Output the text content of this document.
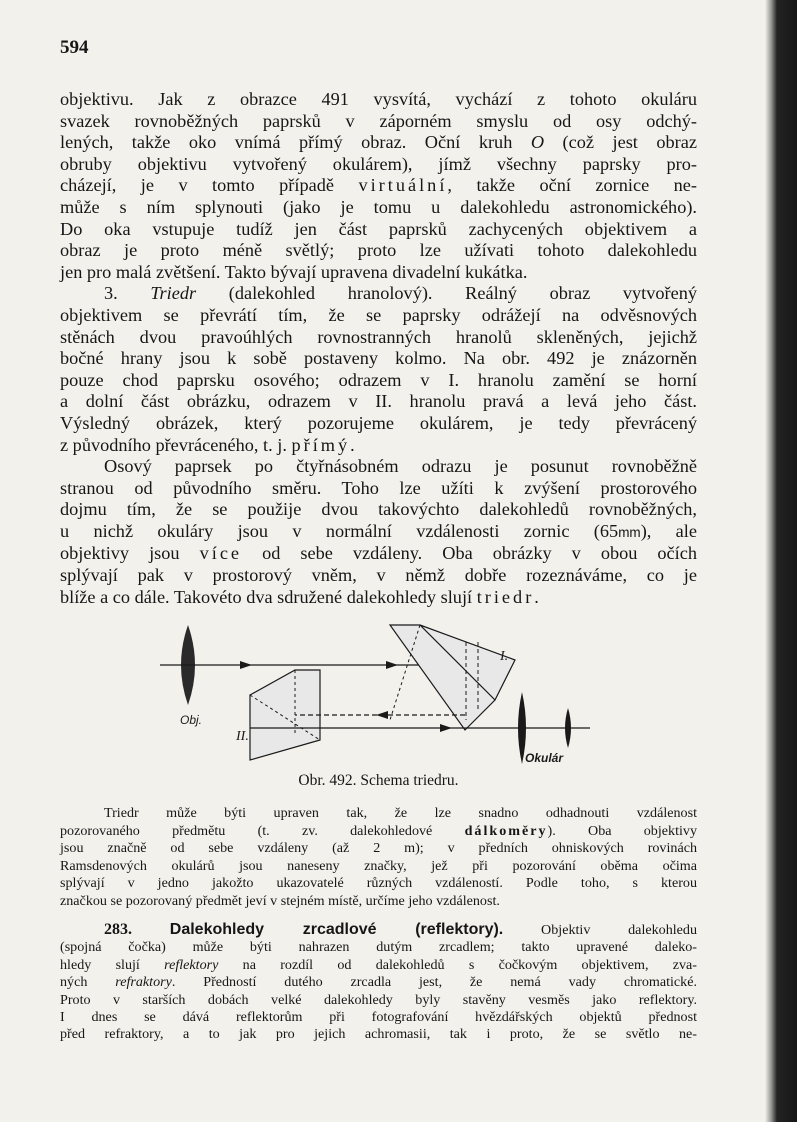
594

objektivu. Jak z obrazce 491 vysvítá, vychází z tohoto okuláru

svazek rovnoběžných paprsků v záporném smyslu od osy odchý-

lených, takže oko vnímá přímý obraz. Oční kruh O (což jest obraz

obruby objektivu vytvořený okulárem), jímž všechny paprsky pro-

cházejí, je v tomto případě virtuální, takže oční zornice ne-

může s ním splynouti (jako je tomu u dalekohledu astronomického).

Do oka vstupuje tudíž jen část paprsků zachycených objektivem a

obraz je proto méně světlý; proto lze užívati tohoto dalekohledu

jen pro malá zvětšení. Takto bývají upravena divadelní kukátka.

3. Triedr (dalekohled hranolový). Reálný obraz vytvořený

objektivem se převrátí tím, že se paprsky odrážejí na odvěsnových

stěnách dvou pravoúhlých rovnostranných hranolů skleněných, jejichž

bočné hrany jsou k sobě postaveny kolmo. Na obr. 492 je znázorněn

pouze chod paprsku osového; odrazem v I. hranolu zamění se horní

a dolní část obrázku, odrazem v II. hranolu pravá a levá jeho část.

Výsledný obrázek, který pozorujeme okulárem, je tedy převrácený

z původního převráceného, t. j. přímý.

Osový paprsek po čtyřnásobném odrazu je posunut rovnoběžně

stranou od původního směru. Toho lze užíti k zvýšení prostorového

dojmu tím, že se použije dvou takovýchto dalekohledů rovnoběžných,

u nichž okuláry jsou v normální vzdálenosti zornic (65mm), ale

objektivy jsou více od sebe vzdáleny. Oba obrázky v obou očích

splývají pak v prostorový vněm, v němž dobře rozeznáváme, co je

blíže a co dále. Takovéto dva sdružené dalekohledy slují triedr.

I.
II.
Obj.
Okulár
Obr. 492. Schema triedru.

Triedr může býti upraven tak, že lze snadno odhadnouti vzdálenost

pozorovaného předmětu (t. zv. dalekohledové dálkoměry). Oba objektivy

jsou značně od sebe vzdáleny (až 2 m); v předních ohniskových rovinách

Ramsdenových okulárů jsou naneseny značky, jež při pozorování oběma očima

splývají v jedno jakožto ukazovatelé různých vzdáleností. Podle toho, s kterou

značkou se pozorovaný předmět jeví v stejném místě, určíme jeho vzdálenost.

283. Dalekohledy zrcadlové (reflektory).	Objektiv dalekohledu

(spojná čočka) může býti nahrazen dutým zrcadlem; takto upravené daleko-

hledy slují reflektory na rozdíl od dalekohledů s čočkovým objektivem, zva-

ných refraktory. Předností dutého zrcadla jest, že nemá vady chromatické.

Proto v starších dobách velké dalekohledy byly stavěny vesměs jako reflektory.

I dnes se dává reflektorům při fotografování hvězdářských objektů přednost

před refraktory, a to jak pro jejich achromasii, tak i proto, že se světlo ne-
